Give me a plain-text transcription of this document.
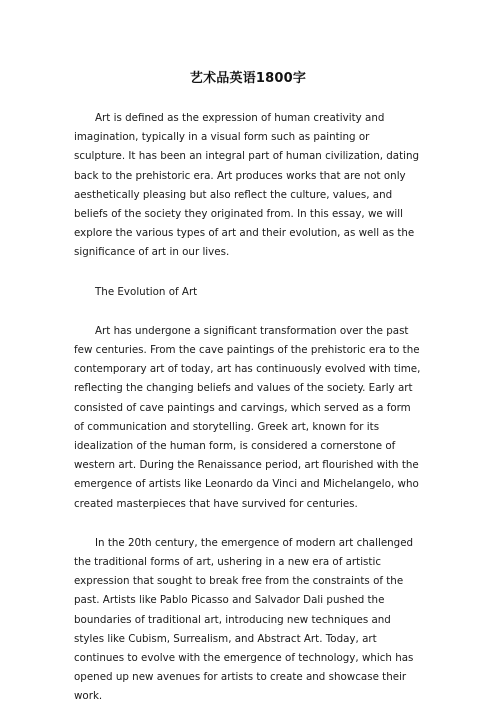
艺术品英语1800字

Art is defined as the expression of human creativity and imagination, typically in a visual form such as painting or sculpture. It has been an integral part of human civilization, dating back to the prehistoric era. Art produces works that are not only aesthetically pleasing but also reflect the culture, values, and beliefs of the society they originated from. In this essay, we will explore the various types of art and their evolution, as well as the significance of art in our lives.

The Evolution of Art

Art has undergone a significant transformation over the past few centuries. From the cave paintings of the prehistoric era to the contemporary art of today, art has continuously evolved with time, reflecting the changing beliefs and values of the society. Early art consisted of cave paintings and carvings, which served as a form of communication and storytelling. Greek art, known for its idealization of the human form, is considered a cornerstone of western art. During the Renaissance period, art flourished with the emergence of artists like Leonardo da Vinci and Michelangelo, who created masterpieces that have survived for centuries.

In the 20th century, the emergence of modern art challenged the traditional forms of art, ushering in a new era of artistic expression that sought to break free from the constraints of the past. Artists like Pablo Picasso and Salvador Dali pushed the boundaries of traditional art, introducing new techniques and styles like Cubism, Surrealism, and Abstract Art. Today, art continues to evolve with the emergence of technology, which has opened up new avenues for artists to create and showcase their work.
